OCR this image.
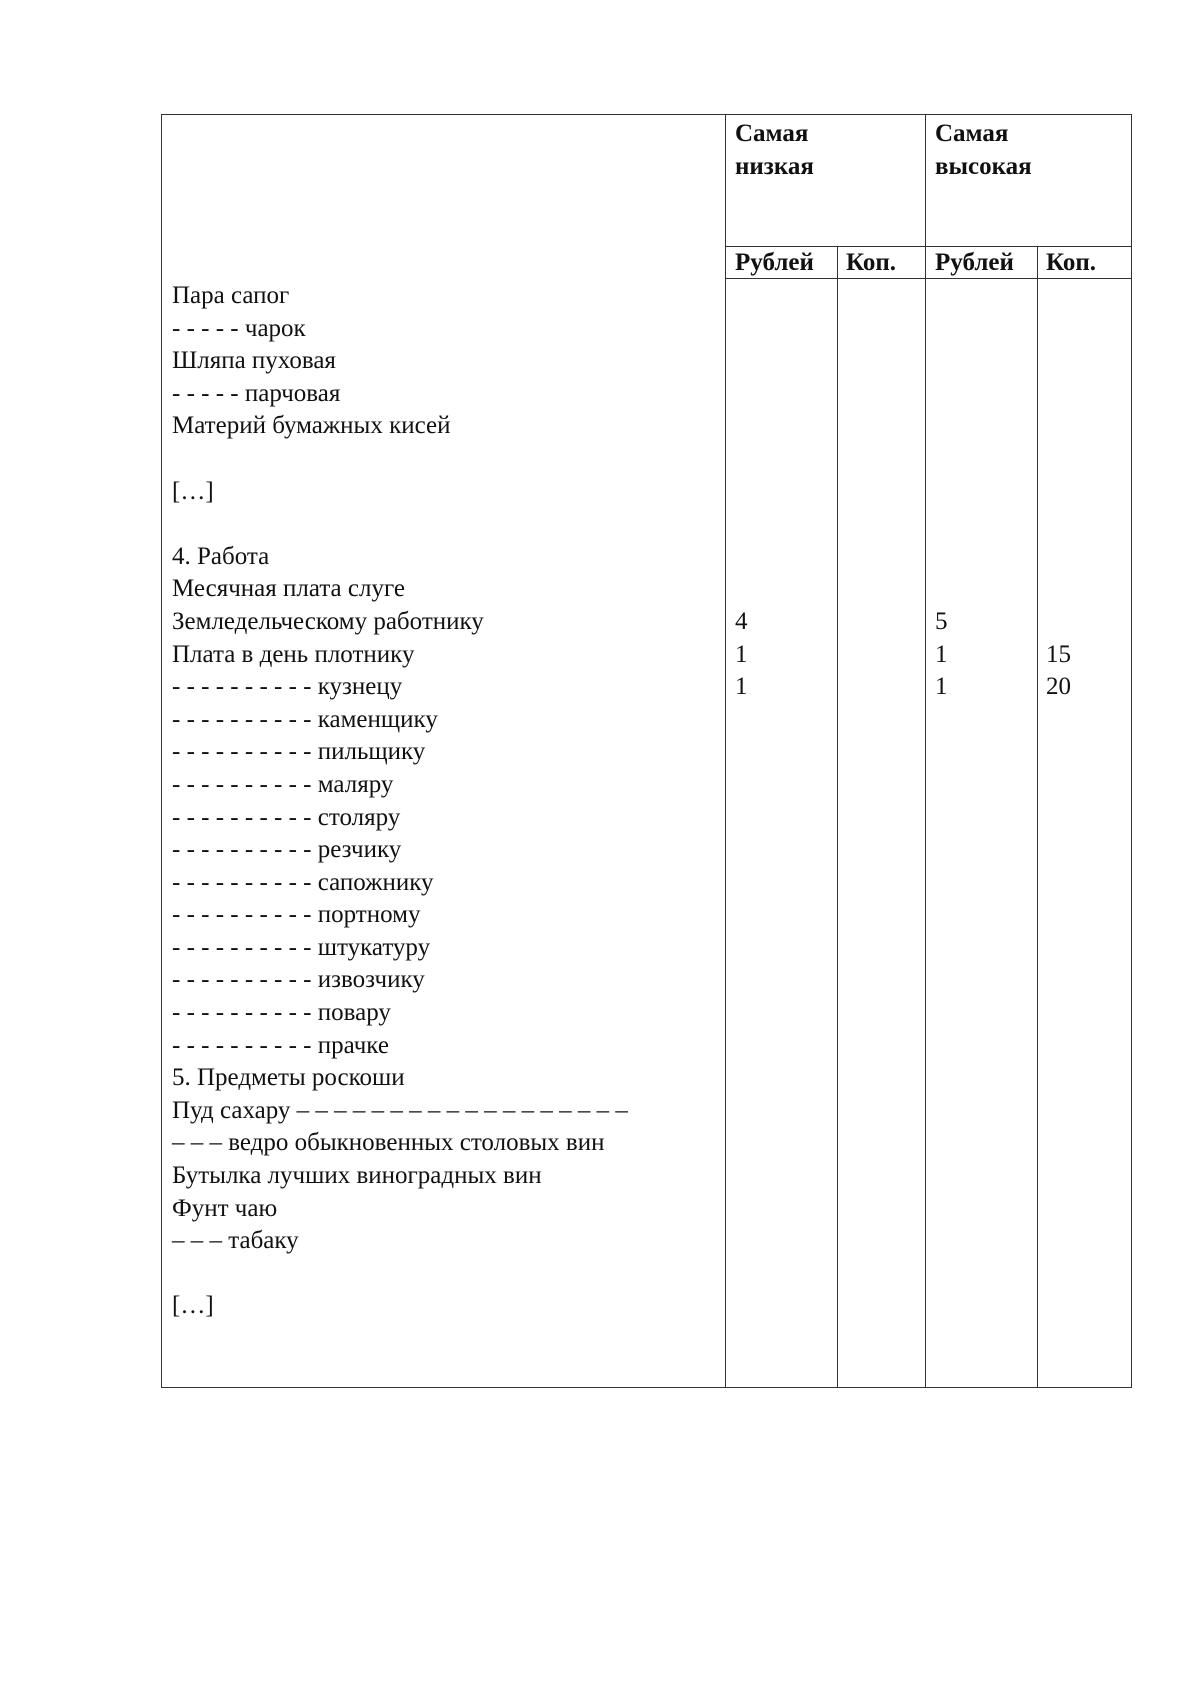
Самая
низкая
Самая
высокая
Рублей Коп. Рублей Коп.
Пара сапог
- - - - - чарок
Шляпа пуховая
- - - - - парчовая
Материй бумажных кисей
[…]
4. Работа
Месячная плата слуге
Земледельческому работнику
Плата в день плотнику
- - - - - - - - - - кузнецу
- - - - - - - - - - каменщику
- - - - - - - - - - пильщику
- - - - - - - - - - маляру
- - - - - - - - - - столяру
- - - - - - - - - - резчику
- - - - - - - - - - сапожнику
- - - - - - - - - - портному
- - - - - - - - - - штукатуру
- - - - - - - - - - извозчику
- - - - - - - - - - повару
- - - - - - - - - - прачке
5. Предметы роскоши
Пуд сахару – – – – – – – – – – – – – – – – – –
– – – ведро обыкновенных столовых вин
Бутылка лучших виноградных вин
Фунт чаю
– – – табаку
[…]
4
1
1
5
1
1
15
20
